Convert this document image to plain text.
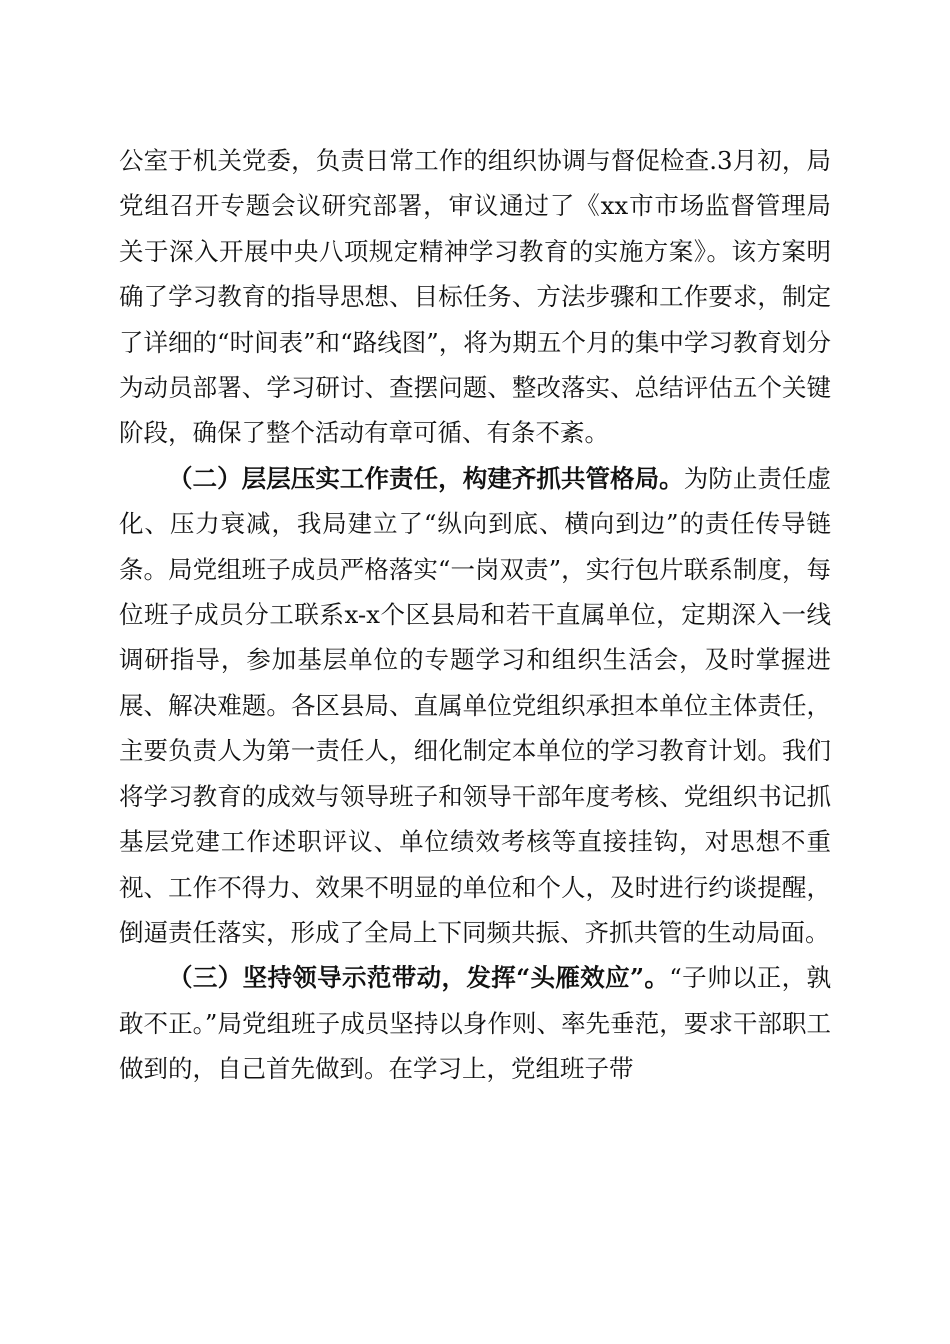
公室于机关党委，负责日常工作的组织协调与督促检查.3月初，局党组召开专题会议研究部署，审议通过了《xx市市场监督管理局关于深入开展中央八项规定精神学习教育的实施方案》。该方案明确了学习教育的指导思想、目标任务、方法步骤和工作要求，制定了详细的“时间表”和“路线图”，将为期五个月的集中学习教育划分为动员部署、学习研讨、查摆问题、整改落实、总结评估五个关键阶段，确保了整个活动有章可循、有条不紊。

（二）层层压实工作责任，构建齐抓共管格局。为防止责任虚化、压力衰减，我局建立了“纵向到底、横向到边”的责任传导链条。局党组班子成员严格落实“一岗双责”，实行包片联系制度，每位班子成员分工联系x-x个区县局和若干直属单位，定期深入一线调研指导，参加基层单位的专题学习和组织生活会，及时掌握进展、解决难题。各区县局、直属单位党组织承担本单位主体责任，主要负责人为第一责任人，细化制定本单位的学习教育计划。我们将学习教育的成效与领导班子和领导干部年度考核、党组织书记抓基层党建工作述职评议、单位绩效考核等直接挂钩，对思想不重视、工作不得力、效果不明显的单位和个人，及时进行约谈提醒，倒逼责任落实，形成了全局上下同频共振、齐抓共管的生动局面。

（三）坚持领导示范带动，发挥“头雁效应”。“子帅以正，孰敢不正。”局党组班子成员坚持以身作则、率先垂范，要求干部职工做到的，自己首先做到。在学习上，党组班子带
